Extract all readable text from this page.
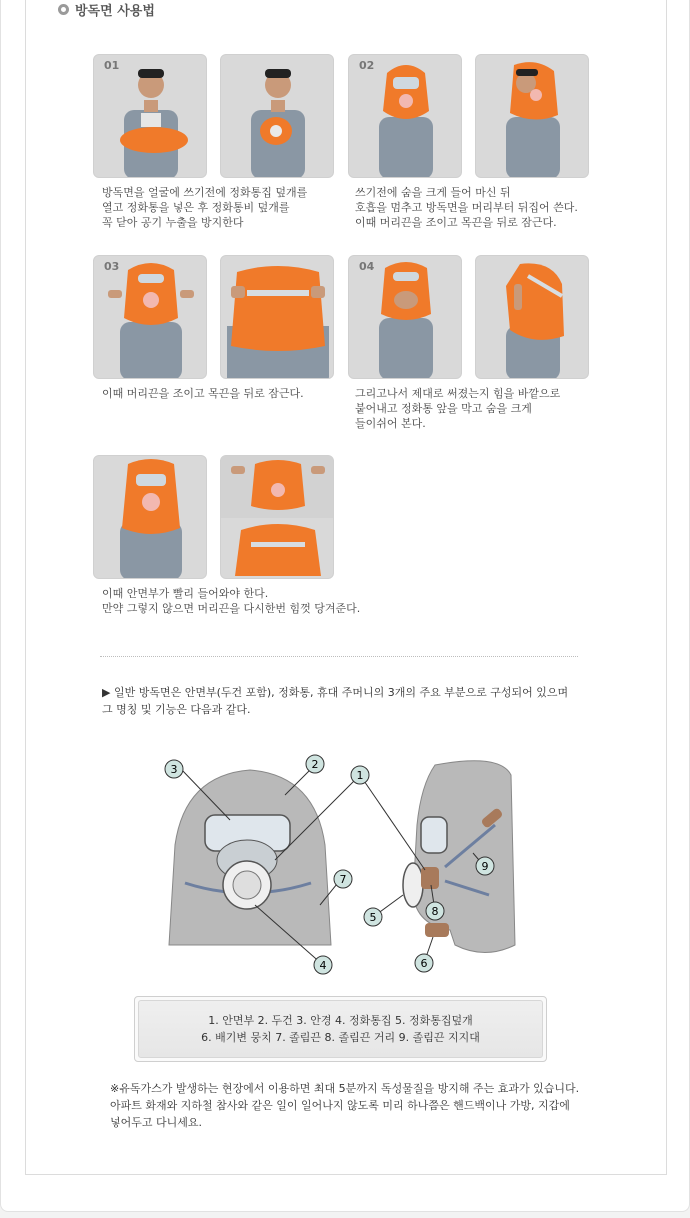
방독면 사용법
01	02
방독면을 얼굴에 쓰기전에 정화통집 덮개를
열고 정화통을 넣은 후 정화통비 덮개를
꼭 닫아 공기 누출을 방지한다
쓰기전에 숨을 크게 들어 마신 뒤
호흡을 멈추고 방독면을 머리부터 뒤집어 쓴다.
이때 머리끈을 조이고 목끈을 뒤로 잠근다.
03	04
이때 머리끈을 조이고 목끈을 뒤로 잠근다.	그리고나서 제대로 써졌는지 힘을 바깥으로
붙어내고 정화통 앞을 막고 숨을 크게
들이쉬어 본다.
이때 안면부가 빨리 들어와야 한다.
만약 그렇지 않으면 머리끈을 다시한번 힘껏 당겨준다.
▶ 일반 방독면은 안면부(두건 포함), 정화통, 휴대 주머니의 3개의 주요 부분으로 구성되어 있으며
그 명칭 및 기능은 다음과 같다.
2
1
3
7
4
5
6
8
9
1. 안면부 2. 두건 3. 안경 4. 정화통집 5. 정화통집덮개
6. 배기변 뭉치 7. 졸림끈 8. 졸림끈 거리 9. 졸림끈 지지대
※유독가스가 발생하는 현장에서 이용하면 최대 5분까지 독성물질을 방지해 주는 효과가 있습니다.
아파트 화재와 지하철 참사와 같은 일이 일어나지 않도록 미리 하나쯤은 핸드백이나 가방, 지갑에
넣어두고 다니세요.
